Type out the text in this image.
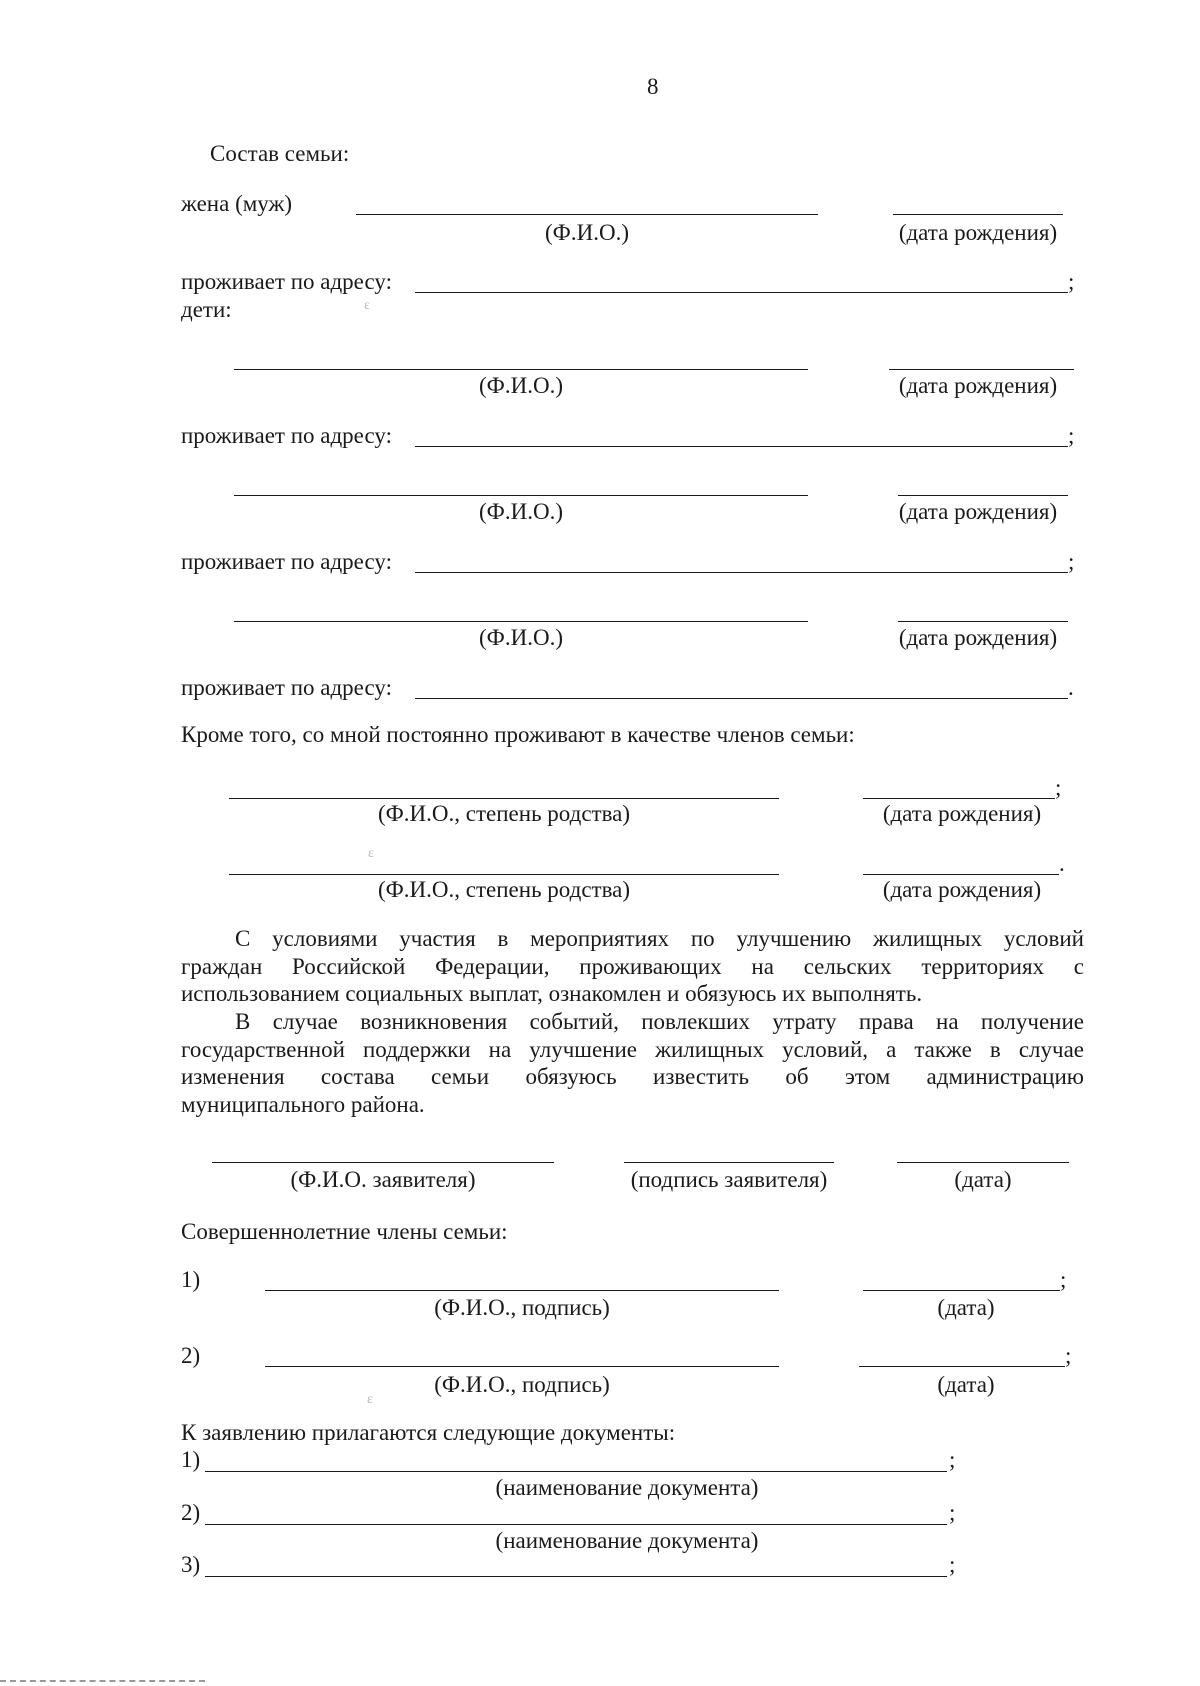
8
Состав семьи:
жена (муж)
(Ф.И.О.)	(дата рождения)
проживает по адресу:	;
дети:	ɛ
(Ф.И.О.)	(дата рождения)
проживает по адресу:	;
(Ф.И.О.)	(дата рождения)
проживает по адресу:	;
(Ф.И.О.)	(дата рождения)
проживает по адресу:	.
Кроме того, со мной постоянно проживают в качестве членов семьи:
;
(Ф.И.О., степень родства)	(дата рождения)
ɛ	.
(Ф.И.О., степень родства)	(дата рождения)
С условиями участия в мероприятиях по улучшению жилищных условий
граждан Российской Федерации, проживающих на сельских территориях с
использованием социальных выплат, ознакомлен и обязуюсь их выполнять.
В случае возникновения событий, повлекших утрату права на получение
государственной поддержки на улучшение жилищных условий, а также в случае
изменения состава семьи обязуюсь известить об этом администрацию
муниципального района.
(Ф.И.О. заявителя)	(подпись заявителя)	(дата)
Совершеннолетние члены семьи:
1)	;
(Ф.И.О., подпись)	(дата)
2)	;
ɛ
(Ф.И.О., подпись)	(дата)
К заявлению прилагаются следующие документы:
1)	;
(наименование документа)
2)	;
(наименование документа)
3)	;
